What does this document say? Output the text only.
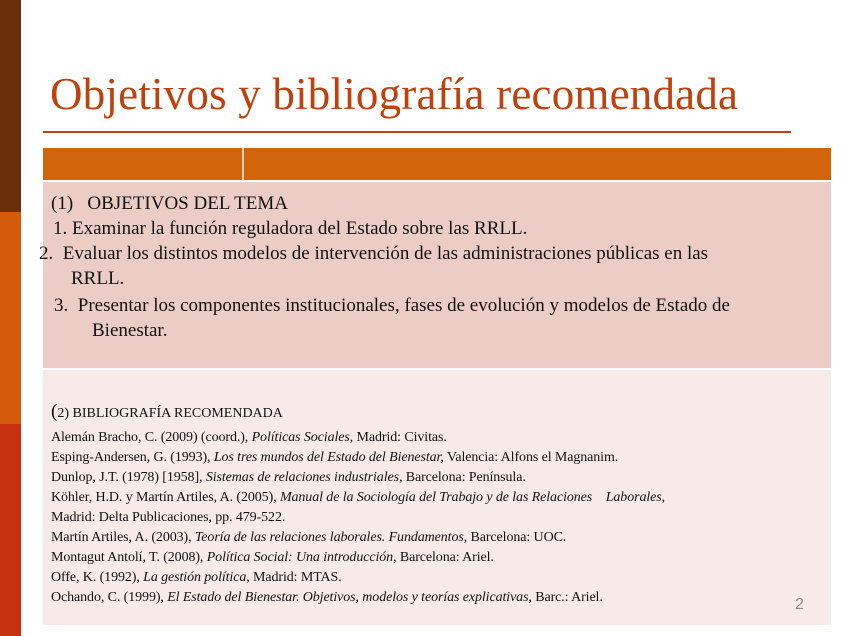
Objetivos y bibliografía recomendada

(1)   OBJETIVOS DEL TEMA

1. Examinar la función reguladora del Estado sobre las RRLL.

2.  Evaluar los distintos modelos de intervención de las administraciones públicas en las

RRLL.

3.  Presentar los componentes institucionales, fases de evolución y modelos de Estado de

Bienestar.

(2) BIBLIOGRAFÍA RECOMENDADA

Alemán Bracho, C. (2009) (coord.), Políticas Sociales, Madrid: Civitas.
Esping-Andersen, G. (1993), Los tres mundos del Estado del Bienestar, Valencia: Alfons el Magnanim.
Dunlop, J.T. (1978) [1958], Sistemas de relaciones industriales, Barcelona: Península.
Köhler, H.D. y Martín Artiles, A. (2005), Manual de la Sociología del Trabajo y de las Relaciones    Laborales,
Madrid: Delta Publicaciones, pp. 479-522.
Martín Artiles, A. (2003), Teoría de las relaciones laborales. Fundamentos, Barcelona: UOC.
Montagut Antolí, T. (2008), Política Social: Una introducción, Barcelona: Ariel.
Offe, K. (1992), La gestión política, Madrid: MTAS.
Ochando, C. (1999), El Estado del Bienestar. Objetivos, modelos y teorías explicativas, Barc.: Ariel.	2
